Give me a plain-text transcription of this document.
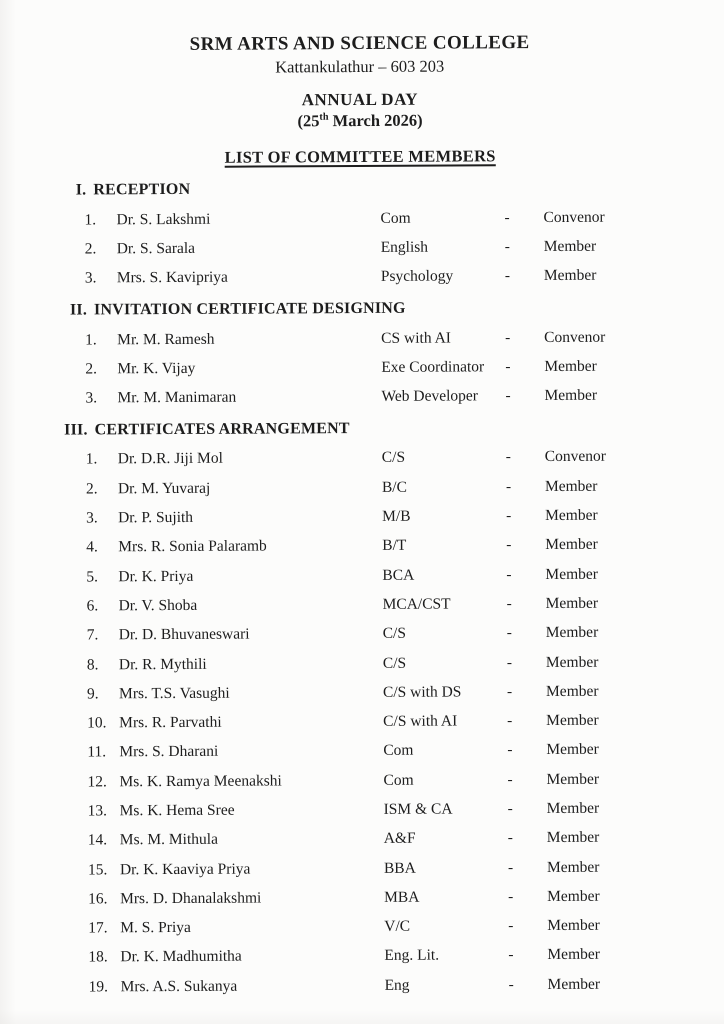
SRM ARTS AND SCIENCE COLLEGE
Kattankulathur – 603 203
ANNUAL DAY
(25th March 2026)
LIST OF COMMITTEE MEMBERS
I. RECEPTION
1.	Dr. S. Lakshmi	Com	-	Convenor
2.	Dr. S. Sarala	English	-	Member
3.	Mrs. S. Kavipriya	Psychology	-	Member
II. INVITATION CERTIFICATE DESIGNING
1.	Mr. M. Ramesh	CS with AI	-	Convenor
2.	Mr. K. Vijay	Exe Coordinator	-	Member
3.	Mr. M. Manimaran	Web Developer	-	Member
III. CERTIFICATES ARRANGEMENT
1.	Dr. D.R. Jiji Mol	C/S	-	Convenor
2.	Dr. M. Yuvaraj	B/C	-	Member
3.	Dr. P. Sujith	M/B	-	Member
4.	Mrs. R. Sonia Palaramb	B/T	-	Member
5.	Dr. K. Priya	BCA	-	Member
6.	Dr. V. Shoba	MCA/CST	-	Member
7.	Dr. D. Bhuvaneswari	C/S	-	Member
8.	Dr. R. Mythili	C/S	-	Member
9.	Mrs. T.S. Vasughi	C/S with DS	-	Member
10. Mrs. R. Parvathi	C/S with AI	-	Member
11. Mrs. S. Dharani	Com	-	Member
12. Ms. K. Ramya Meenakshi	Com	-	Member
13. Ms. K. Hema Sree	ISM & CA	-	Member
14. Ms. M. Mithula	A&F	-	Member
15. Dr. K. Kaaviya Priya	BBA	-	Member
16. Mrs. D. Dhanalakshmi	MBA	-	Member
17. M. S. Priya	V/C	-	Member
18. Dr. K. Madhumitha	Eng. Lit.	-	Member
19. Mrs. A.S. Sukanya	Eng	-	Member
